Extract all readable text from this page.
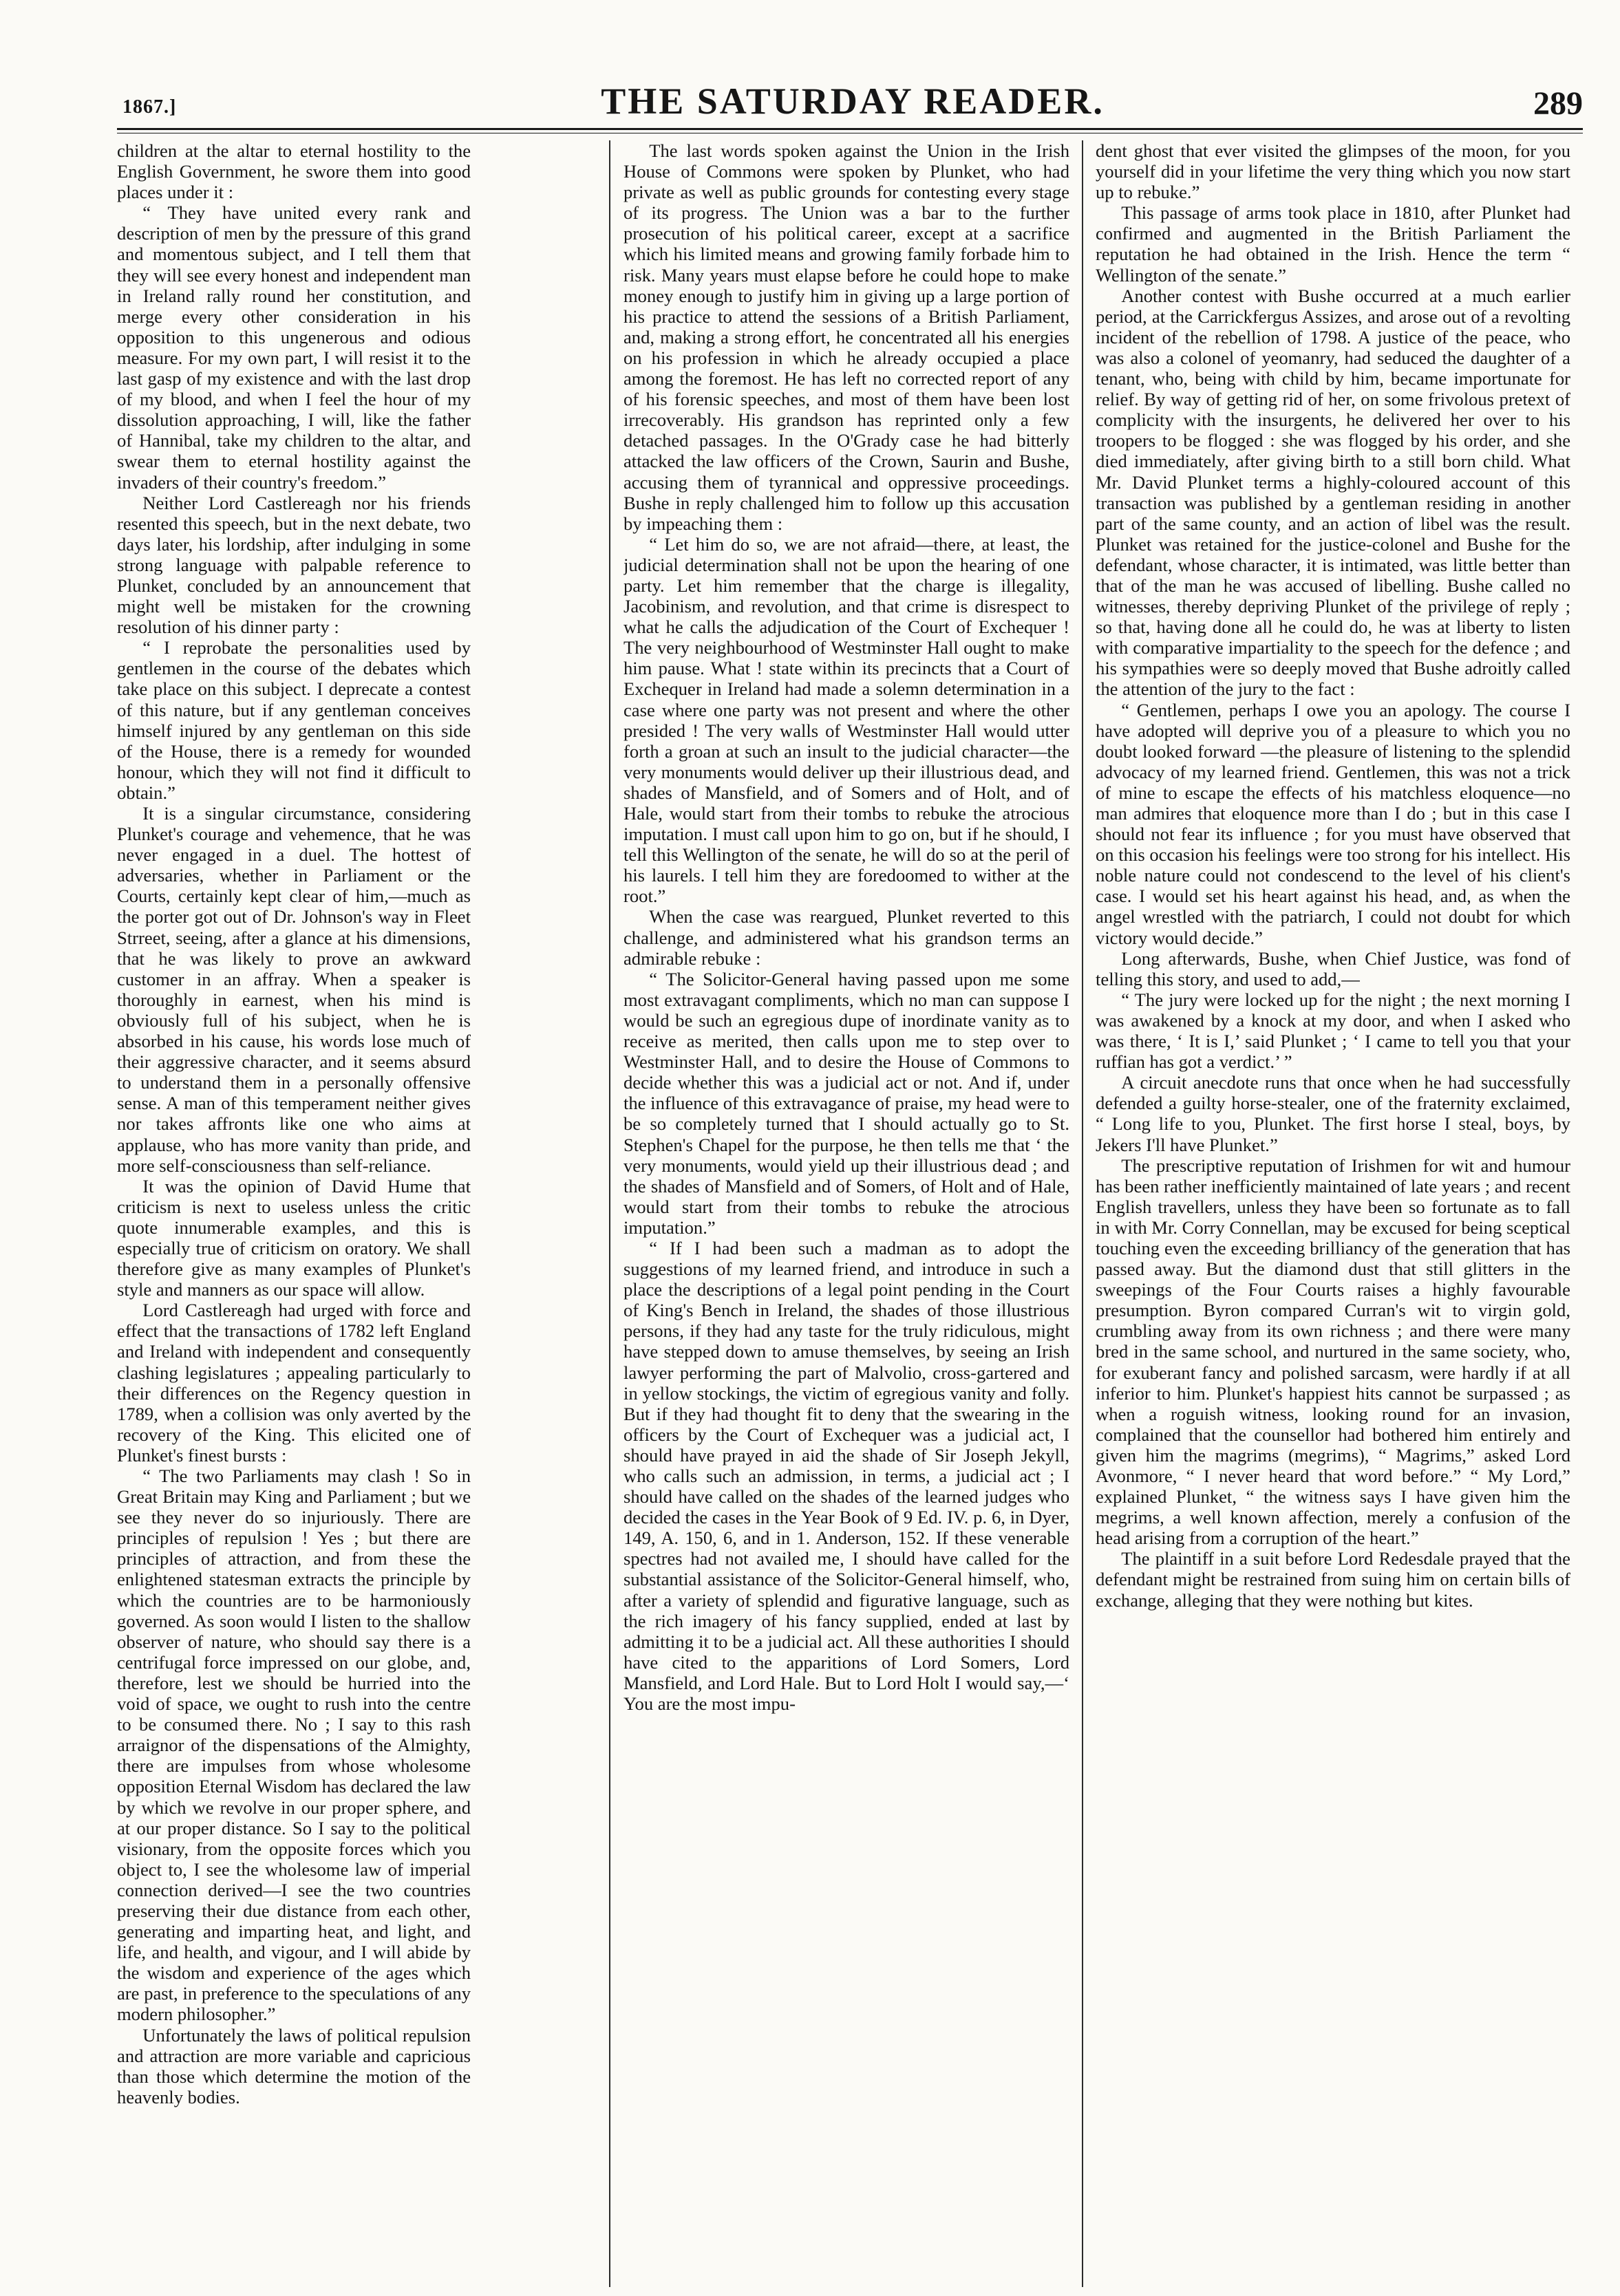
1867.]	THE SATURDAY READER.	289

children at the altar to eternal hostility to the English Government, he swore them into good places under it :

“ They have united every rank and description of men by the pressure of this grand and momentous subject, and I tell them that they will see every honest and independent man in Ireland rally round her constitution, and merge every other consideration in his opposition to this ungenerous and odious measure. For my own part, I will resist it to the last gasp of my existence and with the last drop of my blood, and when I feel the hour of my dissolution approaching, I will, like the father of Hannibal, take my children to the altar, and swear them to eternal hostility against the invaders of their country's freedom.”

Neither Lord Castlereagh nor his friends resented this speech, but in the next debate, two days later, his lordship, after indulging in some strong language with palpable reference to Plunket, concluded by an announcement that might well be mistaken for the crowning resolution of his dinner party :

“ I reprobate the personalities used by gentlemen in the course of the debates which take place on this subject. I deprecate a contest of this nature, but if any gentleman conceives himself injured by any gentleman on this side of the House, there is a remedy for wounded honour, which they will not find it difficult to obtain.”

It is a singular circumstance, considering Plunket's courage and vehemence, that he was never engaged in a duel. The hottest of adversaries, whether in Parliament or the Courts, certainly kept clear of him,—much as the porter got out of Dr. Johnson's way in Fleet Strreet, seeing, after a glance at his dimensions, that he was likely to prove an awkward customer in an affray. When a speaker is thoroughly in earnest, when his mind is obviously full of his subject, when he is absorbed in his cause, his words lose much of their aggressive character, and it seems absurd to understand them in a personally offensive sense. A man of this temperament neither gives nor takes affronts like one who aims at applause, who has more vanity than pride, and more self-consciousness than self-reliance.

It was the opinion of David Hume that criticism is next to useless unless the critic quote innumerable examples, and this is especially true of criticism on oratory. We shall therefore give as many examples of Plunket's style and manners as our space will allow.

Lord Castlereagh had urged with force and effect that the transactions of 1782 left England and Ireland with independent and consequently clashing legislatures ; appealing particularly to their differences on the Regency question in 1789, when a collision was only averted by the recovery of the King. This elicited one of Plunket's finest bursts :

“ The two Parliaments may clash ! So in Great Britain may King and Parliament ; but we see they never do so injuriously. There are principles of repulsion ! Yes ; but there are principles of attraction, and from these the enlightened statesman extracts the principle by which the countries are to be harmoniously governed. As soon would I listen to the shallow observer of nature, who should say there is a centrifugal force impressed on our globe, and, therefore, lest we should be hurried into the void of space, we ought to rush into the centre to be consumed there. No ; I say to this rash arraignor of the dispensations of the Almighty, there are impulses from whose wholesome opposition Eternal Wisdom has declared the law by which we revolve in our proper sphere, and at our proper distance. So I say to the political visionary, from the opposite forces which you object to, I see the wholesome law of imperial connection derived—I see the two countries preserving their due distance from each other, generating and imparting heat, and light, and life, and health, and vigour, and I will abide by the wisdom and experience of the ages which are past, in preference to the speculations of any modern philosopher.”

Unfortunately the laws of political repulsion and attraction are more variable and capricious than those which determine the motion of the heavenly bodies.

The last words spoken against the Union in the Irish House of Commons were spoken by Plunket, who had private as well as public grounds for contesting every stage of its progress. The Union was a bar to the further prosecution of his political career, except at a sacrifice which his limited means and growing family forbade him to risk. Many years must elapse before he could hope to make money enough to justify him in giving up a large portion of his practice to attend the sessions of a British Parliament, and, making a strong effort, he concentrated all his energies on his profession in which he already occupied a place among the foremost. He has left no corrected report of any of his forensic speeches, and most of them have been lost irrecoverably. His grandson has reprinted only a few detached passages. In the O'Grady case he had bitterly attacked the law officers of the Crown, Saurin and Bushe, accusing them of tyrannical and oppressive proceedings. Bushe in reply challenged him to follow up this accusation by impeaching them :

“ Let him do so, we are not afraid—there, at least, the judicial determination shall not be upon the hearing of one party. Let him remember that the charge is illegality, Jacobinism, and revolution, and that crime is disrespect to what he calls the adjudication of the Court of Exchequer ! The very neighbourhood of Westminster Hall ought to make him pause. What ! state within its precincts that a Court of Exchequer in Ireland had made a solemn determination in a case where one party was not present and where the other presided ! The very walls of Westminster Hall would utter forth a groan at such an insult to the judicial character—the very monuments would deliver up their illustrious dead, and shades of Mansfield, and of Somers and of Holt, and of Hale, would start from their tombs to rebuke the atrocious imputation. I must call upon him to go on, but if he should, I tell this Wellington of the senate, he will do so at the peril of his laurels. I tell him they are foredoomed to wither at the root.”

When the case was reargued, Plunket reverted to this challenge, and administered what his grandson terms an admirable rebuke :

“ The Solicitor-General having passed upon me some most extravagant compliments, which no man can suppose I would be such an egregious dupe of inordinate vanity as to receive as merited, then calls upon me to step over to Westminster Hall, and to desire the House of Commons to decide whether this was a judicial act or not. And if, under the influence of this extravagance of praise, my head were to be so completely turned that I should actually go to St. Stephen's Chapel for the purpose, he then tells me that ‘ the very monuments, would yield up their illustrious dead ; and the shades of Mansfield and of Somers, of Holt and of Hale, would start from their tombs to rebuke the atrocious imputation.”

“ If I had been such a madman as to adopt the suggestions of my learned friend, and introduce in such a place the descriptions of a legal point pending in the Court of King's Bench in Ireland, the shades of those illustrious persons, if they had any taste for the truly ridiculous, might have stepped down to amuse themselves, by seeing an Irish lawyer performing the part of Malvolio, cross-gartered and in yellow stockings, the victim of egregious vanity and folly. But if they had thought fit to deny that the swearing in the officers by the Court of Exchequer was a judicial act, I should have prayed in aid the shade of Sir Joseph Jekyll, who calls such an admission, in terms, a judicial act ; I should have called on the shades of the learned judges who decided the cases in the Year Book of 9 Ed. IV. p. 6, in Dyer, 149, A. 150, 6, and in 1. Anderson, 152. If these venerable spectres had not availed me, I should have called for the substantial assistance of the Solicitor-General himself, who, after a variety of splendid and figurative language, such as the rich imagery of his fancy supplied, ended at last by admitting it to be a judicial act. All these authorities I should have cited to the apparitions of Lord Somers, Lord Mansfield, and Lord Hale. But to Lord Holt I would say,—‘ You are the most impu-

dent ghost that ever visited the glimpses of the moon, for you yourself did in your lifetime the very thing which you now start up to rebuke.”

This passage of arms took place in 1810, after Plunket had confirmed and augmented in the British Parliament the reputation he had obtained in the Irish. Hence the term “ Wellington of the senate.”

Another contest with Bushe occurred at a much earlier period, at the Carrickfergus Assizes, and arose out of a revolting incident of the rebellion of 1798. A justice of the peace, who was also a colonel of yeomanry, had seduced the daughter of a tenant, who, being with child by him, became importunate for relief. By way of getting rid of her, on some frivolous pretext of complicity with the insurgents, he delivered her over to his troopers to be flogged : she was flogged by his order, and she died immediately, after giving birth to a still born child. What Mr. David Plunket terms a highly-coloured account of this transaction was published by a gentleman residing in another part of the same county, and an action of libel was the result. Plunket was retained for the justice-colonel and Bushe for the defendant, whose character, it is intimated, was little better than that of the man he was accused of libelling. Bushe called no witnesses, thereby depriving Plunket of the privilege of reply ; so that, having done all he could do, he was at liberty to listen with comparative impartiality to the speech for the defence ; and his sympathies were so deeply moved that Bushe adroitly called the attention of the jury to the fact :

“ Gentlemen, perhaps I owe you an apology. The course I have adopted will deprive you of a pleasure to which you no doubt looked forward —the pleasure of listening to the splendid advocacy of my learned friend. Gentlemen, this was not a trick of mine to escape the effects of his matchless eloquence—no man admires that eloquence more than I do ; but in this case I should not fear its influence ; for you must have observed that on this occasion his feelings were too strong for his intellect. His noble nature could not condescend to the level of his client's case. I would set his heart against his head, and, as when the angel wrestled with the patriarch, I could not doubt for which victory would decide.”

Long afterwards, Bushe, when Chief Justice, was fond of telling this story, and used to add,—

“ The jury were locked up for the night ; the next morning I was awakened by a knock at my door, and when I asked who was there, ‘ It is I,’ said Plunket ; ‘ I came to tell you that your ruffian has got a verdict.’ ”

A circuit anecdote runs that once when he had successfully defended a guilty horse-stealer, one of the fraternity exclaimed, “ Long life to you, Plunket. The first horse I steal, boys, by Jekers I'll have Plunket.”

The prescriptive reputation of Irishmen for wit and humour has been rather inefficiently maintained of late years ; and recent English travellers, unless they have been so fortunate as to fall in with Mr. Corry Connellan, may be excused for being sceptical touching even the exceeding brilliancy of the generation that has passed away. But the diamond dust that still glitters in the sweepings of the Four Courts raises a highly favourable presumption. Byron compared Curran's wit to virgin gold, crumbling away from its own richness ; and there were many bred in the same school, and nurtured in the same society, who, for exuberant fancy and polished sarcasm, were hardly if at all inferior to him. Plunket's happiest hits cannot be surpassed ; as when a roguish witness, looking round for an invasion, complained that the counsellor had bothered him entirely and given him the magrims (megrims), “ Magrims,” asked Lord Avonmore, “ I never heard that word before.” “ My Lord,” explained Plunket, “ the witness says I have given him the megrims, a well known affection, merely a confusion of the head arising from a corruption of the heart.”

The plaintiff in a suit before Lord Redesdale prayed that the defendant might be restrained from suing him on certain bills of exchange, alleging that they were nothing but kites.
